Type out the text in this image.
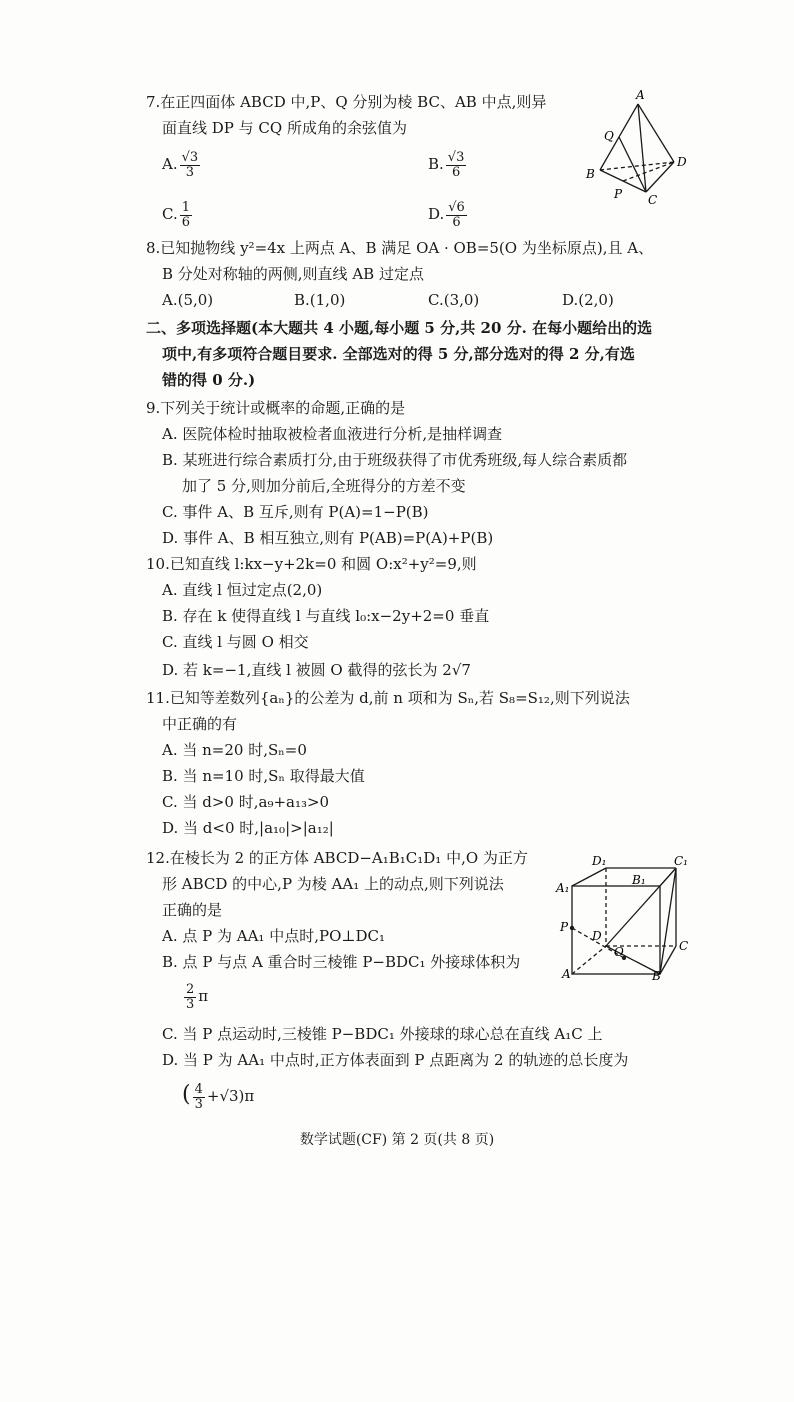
7.在正四面体 ABCD 中,P、Q 分别为棱 BC、AB 中点,则异
面直线 DP 与 CQ 所成角的余弦值为
A. $\frac{√3}{3}$	B. $\frac{√3}{6}$
C. $\frac{1}{6}$	D. $\frac{√6}{6}$
A
Q
B
P C
D
8.已知抛物线 y²=4x 上两点 A、B 满足 OA · OB=5(O 为坐标原点),且 A、
B 分处对称轴的两侧,则直线 AB 过定点
A.(5,0)	B.(1,0)	C.(3,0)	D.(2,0)
二、多项选择题(本大题共 4 小题,每小题 5 分,共 20 分. 在每小题给出的选
项中,有多项符合题目要求. 全部选对的得 5 分,部分选对的得 2 分,有选
错的得 0 分.)
9.下列关于统计或概率的命题,正确的是
A. 医院体检时抽取被检者血液进行分析,是抽样调查
B. 某班进行综合素质打分,由于班级获得了市优秀班级,每人综合素质都
加了 5 分,则加分前后,全班得分的方差不变
C. 事件 A、B 互斥,则有 P(A)=1−P(B)
D. 事件 A、B 相互独立,则有 P(AB)=P(A)+P(B)
10.已知直线 l:kx−y+2k=0 和圆 O:x²+y²=9,则
A. 直线 l 恒过定点(2,0)
B. 存在 k 使得直线 l 与直线 l₀:x−2y+2=0 垂直
C. 直线 l 与圆 O 相交
D. 若 k=−1,直线 l 被圆 O 截得的弦长为 2√7
11.已知等差数列{aₙ}的公差为 d,前 n 项和为 Sₙ,若 S₈=S₁₂,则下列说法
中正确的有
A. 当 n=20 时,Sₙ=0
B. 当 n=10 时,Sₙ 取得最大值
C. 当 d>0 时,a₉+a₁₃>0
D. 当 d<0 时,|a₁₀|>|a₁₂|
12.在棱长为 2 的正方体 ABCD−A₁B₁C₁D₁ 中,O 为正方
形 ABCD 的中心,P 为棱 AA₁ 上的动点,则下列说法
正确的是
A. 点 P 为 AA₁ 中点时,PO⊥DC₁
B. 点 P 与点 A 重合时三棱锥 P−BDC₁ 外接球体积为
$\frac{2}{3}$ π
C. 当 P 点运动时,三棱锥 P−BDC₁ 外接球的球心总在直线 A₁C 上
D. 当 P 为 AA₁ 中点时,正方体表面到 P 点距离为 2 的轨迹的总长度为
( $\frac{4}{3} +√3)\pi$
D₁	C₁
A₁
B₁
P
D
C
O
A	B
数学试题(CF) 第 2 页(共 8 页)
